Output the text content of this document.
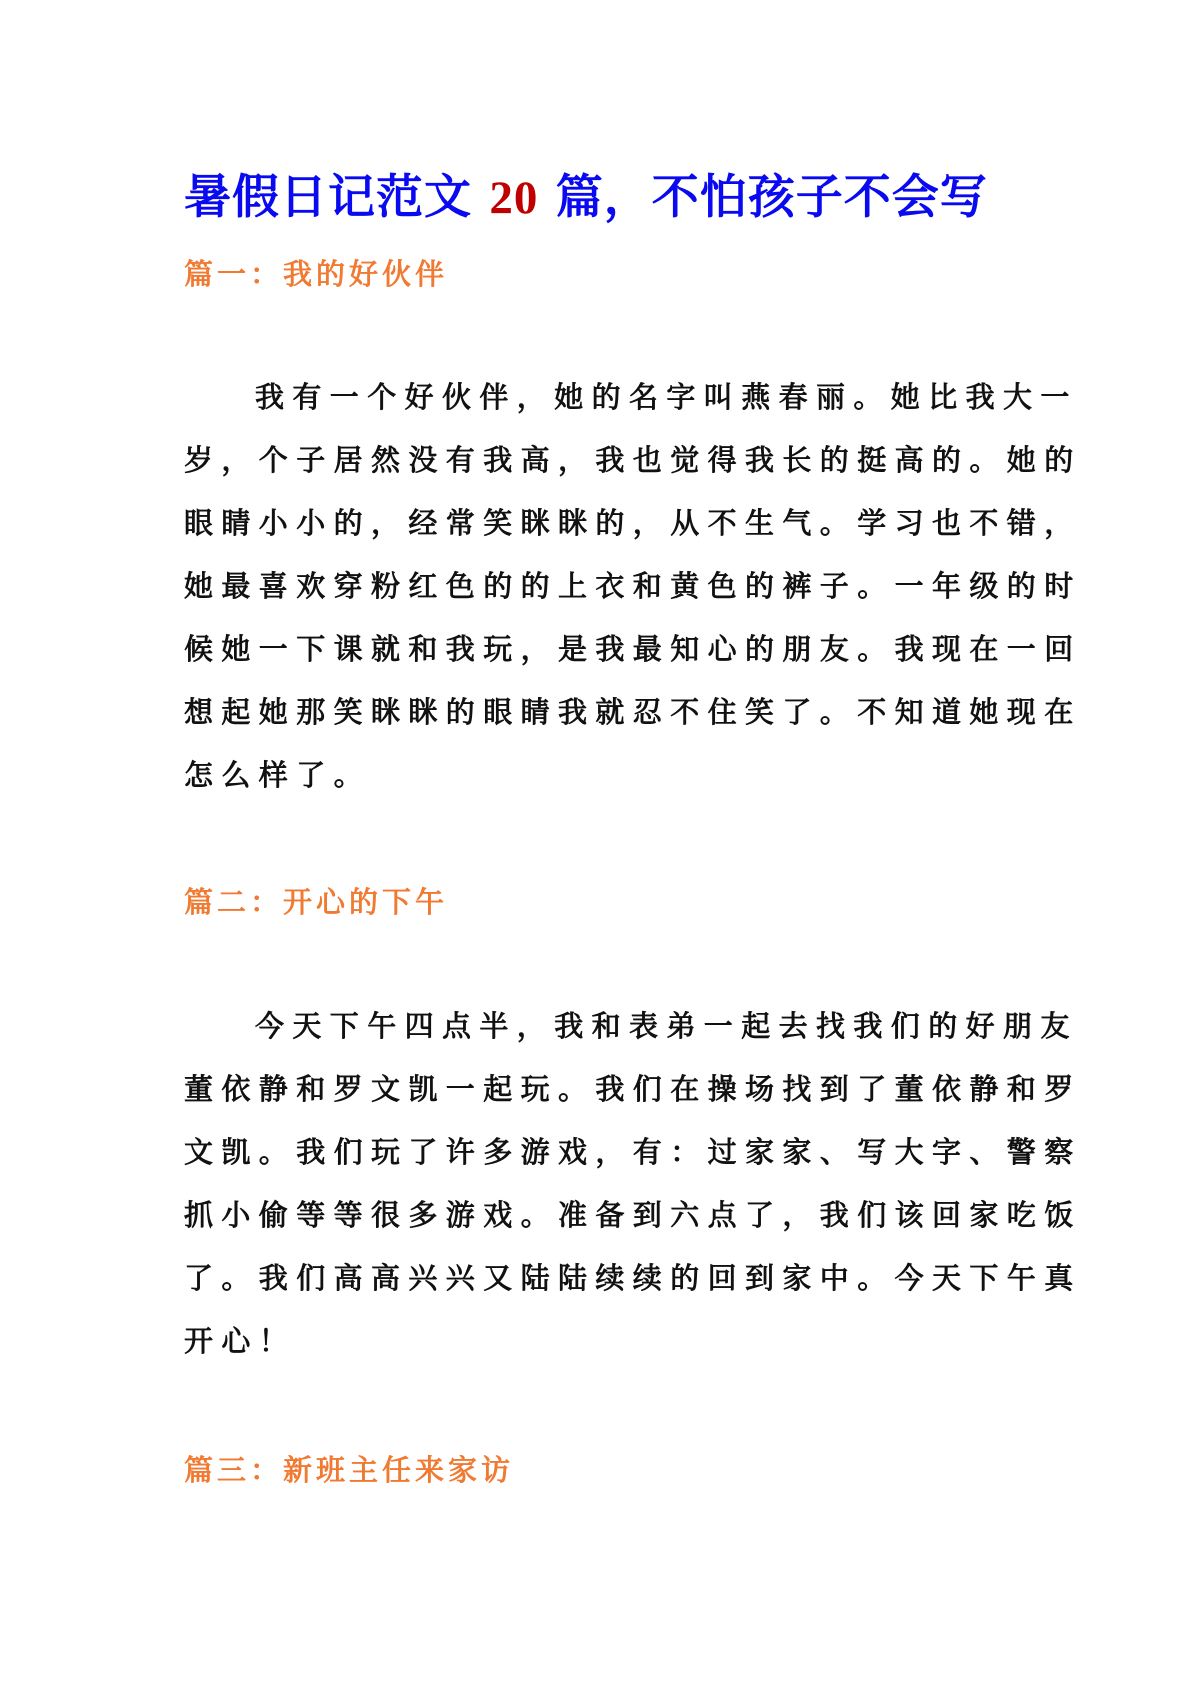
暑假日记范文 20 篇，不怕孩子不会写
篇一：我的好伙伴
我有一个好伙伴，她的名字叫燕春丽。她比我大一
岁，个子居然没有我高，我也觉得我长的挺高的。她的
眼睛小小的，经常笑眯眯的，从不生气。学习也不错，
她最喜欢穿粉红色的的上衣和黄色的裤子。一年级的时
候她一下课就和我玩，是我最知心的朋友。我现在一回
想起她那笑眯眯的眼睛我就忍不住笑了。不知道她现在
怎么样了。
篇二：开心的下午
今天下午四点半，我和表弟一起去找我们的好朋友
董依静和罗文凯一起玩。我们在操场找到了董依静和罗
文凯。我们玩了许多游戏，有：过家家、写大字、警察
抓小偷等等很多游戏。准备到六点了，我们该回家吃饭
了。我们高高兴兴又陆陆续续的回到家中。今天下午真
开心！
篇三：新班主任来家访
